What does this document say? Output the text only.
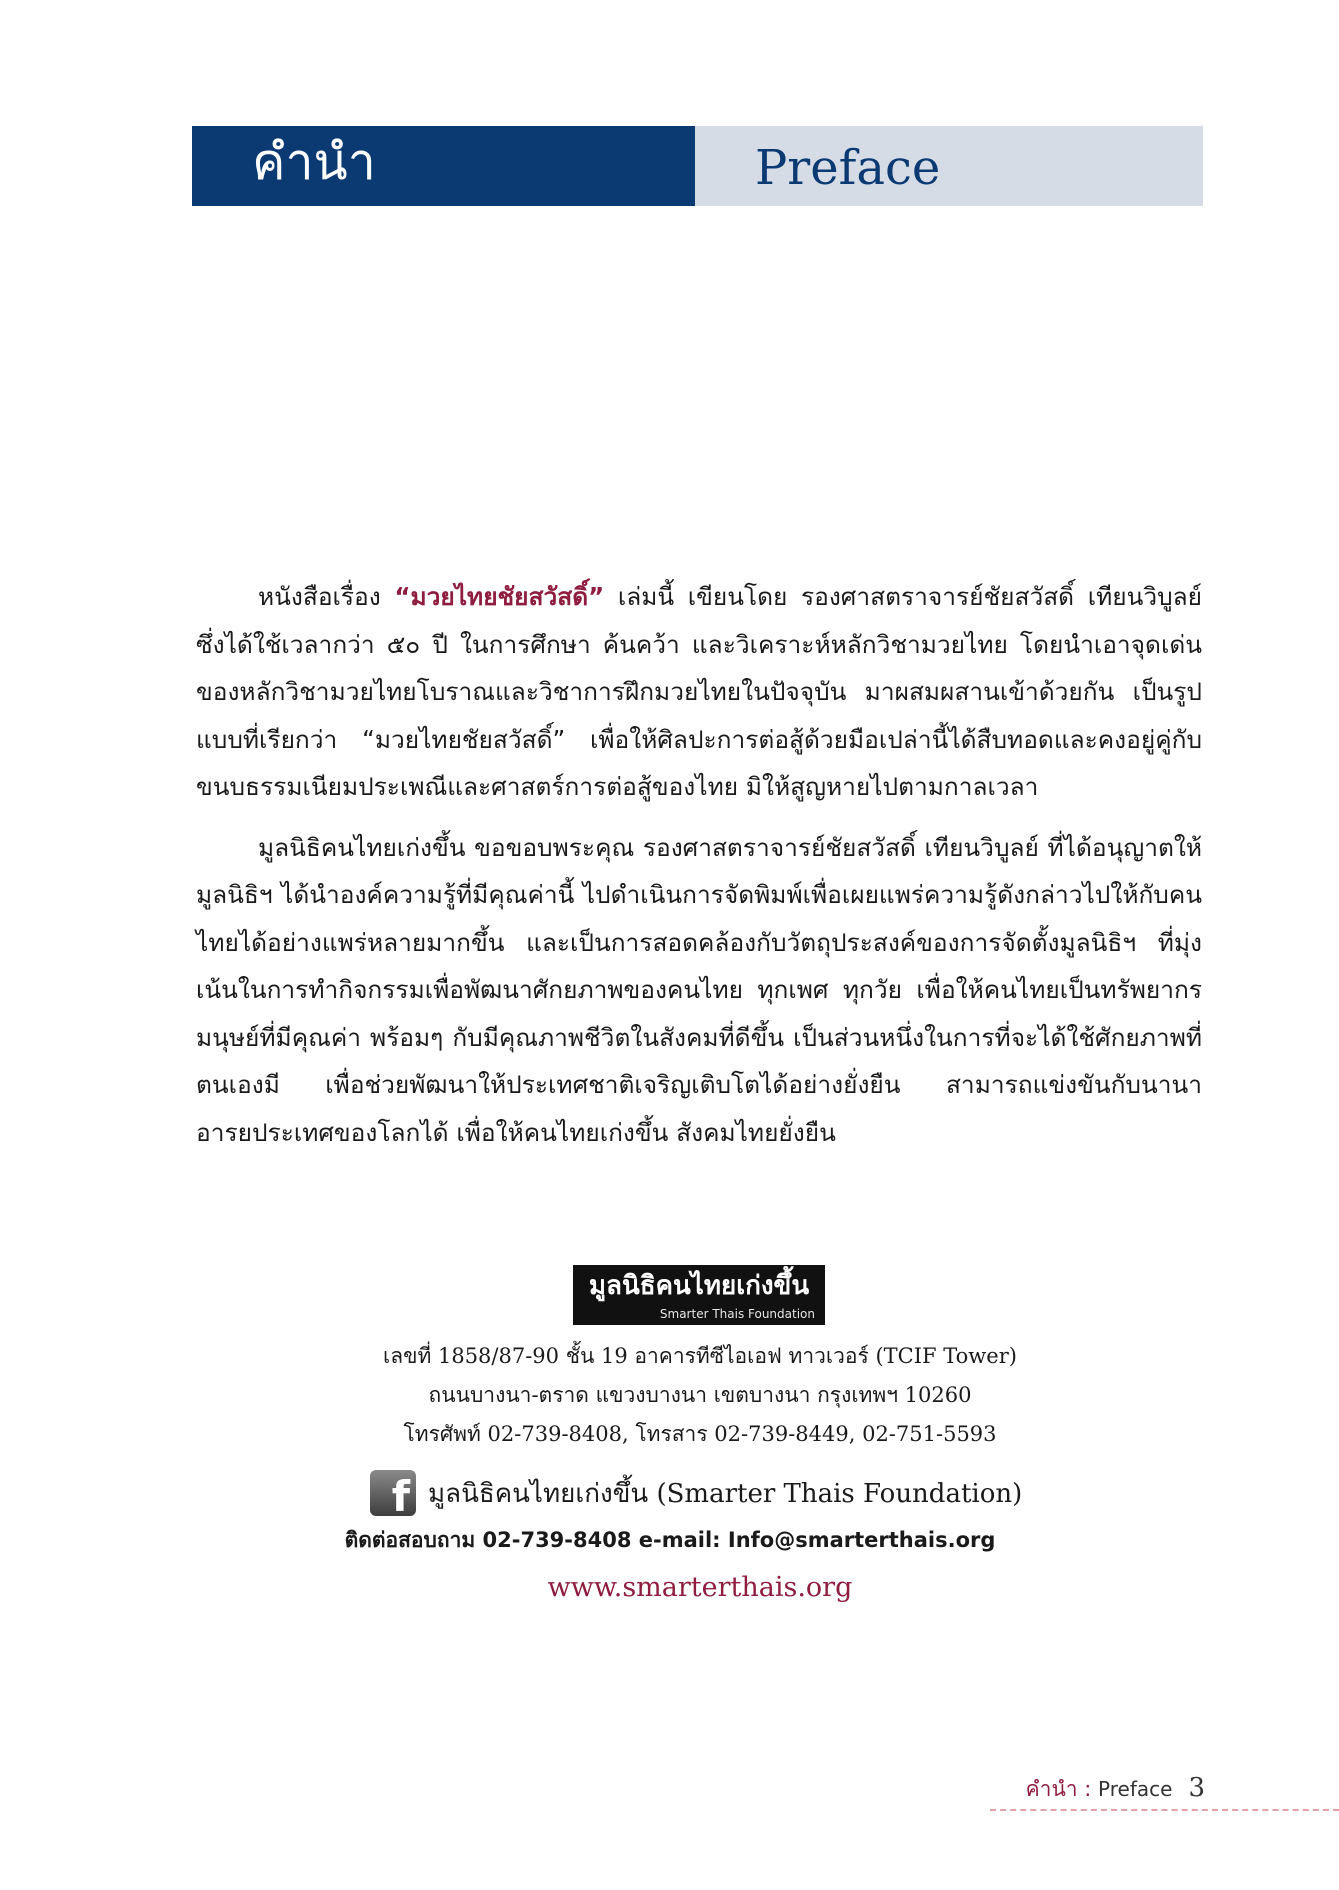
คำนำ	Preface

หนังสือเรื่อง “มวยไทยชัยสวัสดิ์” เล่มนี้ เขียนโดย รองศาสตราจารย์ชัยสวัสดิ์ เทียนวิบูลย์ ซึ่งได้ใช้เวลากว่า ๕๐ ปี ในการศึกษา ค้นคว้า และวิเคราะห์หลักวิชามวยไทย โดยนำเอาจุดเด่นของหลักวิชามวยไทยโบราณและวิชาการฝึกมวยไทยในปัจจุบัน มาผสมผสานเข้าด้วยกัน เป็นรูปแบบที่เรียกว่า “มวยไทยชัยสวัสดิ์” เพื่อให้ศิลปะการต่อสู้ด้วยมือเปล่านี้ได้สืบทอดและคงอยู่คู่กับขนบธรรมเนียมประเพณีและศาสตร์การต่อสู้ของไทย มิให้สูญหายไปตามกาลเวลา

มูลนิธิคนไทยเก่งขึ้น ขอขอบพระคุณ รองศาสตราจารย์ชัยสวัสดิ์ เทียนวิบูลย์ ที่ได้อนุญาตให้มูลนิธิฯ ได้นำองค์ความรู้ที่มีคุณค่านี้ ไปดำเนินการจัดพิมพ์เพื่อเผยแพร่ความรู้ดังกล่าวไปให้กับคนไทยได้อย่างแพร่หลายมากขึ้น และเป็นการสอดคล้องกับวัตถุประสงค์ของการจัดตั้งมูลนิธิฯ ที่มุ่งเน้นในการทำกิจกรรมเพื่อพัฒนาศักยภาพของคนไทย ทุกเพศ ทุกวัย เพื่อให้คนไทยเป็นทรัพยากรมนุษย์ที่มีคุณค่า พร้อมๆ กับมีคุณภาพชีวิตในสังคมที่ดีขึ้น เป็นส่วนหนึ่งในการที่จะได้ใช้ศักยภาพที่ตนเองมี เพื่อช่วยพัฒนาให้ประเทศชาติเจริญเติบโตได้อย่างยั่งยืน สามารถแข่งขันกับนานาอารยประเทศของโลกได้ เพื่อให้คนไทยเก่งขึ้น สังคมไทยยั่งยืน

มูลนิธิคนไทยเก่งขึ้น
Smarter Thais Foundation
เลขที่ 1858/87-90 ชั้น 19 อาคารทีซีไอเอฟ ทาวเวอร์ (TCIF Tower)
ถนนบางนา-ตราด แขวงบางนา เขตบางนา กรุงเทพฯ 10260
โทรศัพท์ 02-739-8408, โทรสาร 02-739-8449, 02-751-5593
f มูลนิธิคนไทยเก่งขึ้น (Smarter Thais Foundation)
ติดต่อสอบถาม 02-739-8408 e-mail: Info@smarterthais.org
www.smarterthais.org
คำนำ : Preface 3
